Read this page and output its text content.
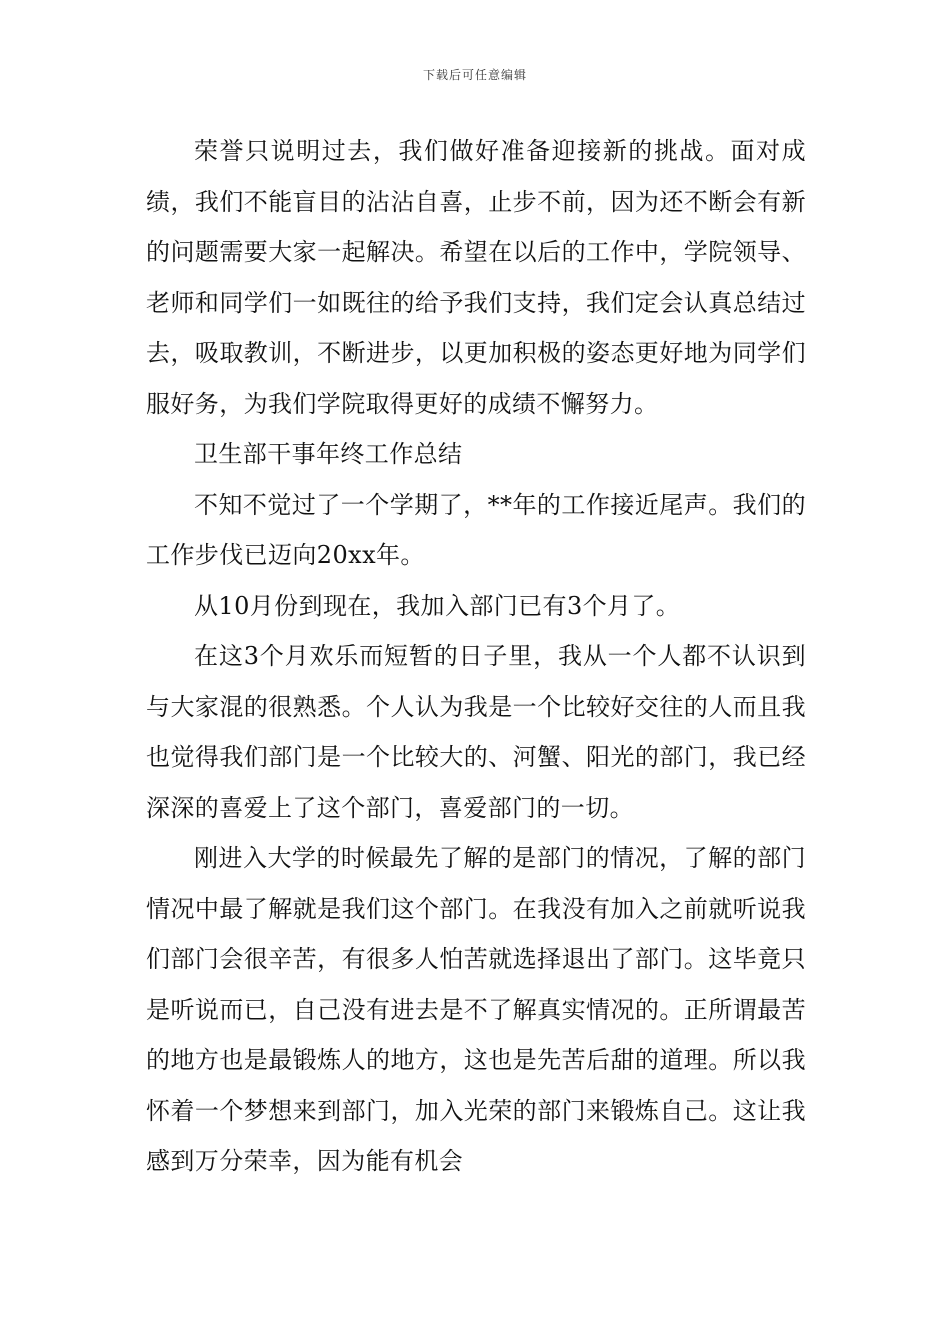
下载后可任意编辑

荣誉只说明过去，我们做好准备迎接新的挑战。面对成绩，我们不能盲目的沾沾自喜，止步不前，因为还不断会有新的问题需要大家一起解决。希望在以后的工作中，学院领导、老师和同学们一如既往的给予我们支持，我们定会认真总结过去，吸取教训，不断进步，以更加积极的姿态更好地为同学们服好务，为我们学院取得更好的成绩不懈努力。

卫生部干事年终工作总结

不知不觉过了一个学期了，**年的工作接近尾声。我们的工作步伐已迈向20xx年。

从10月份到现在，我加入部门已有3个月了。

在这3个月欢乐而短暂的日子里，我从一个人都不认识到与大家混的很熟悉。个人认为我是一个比较好交往的人而且我也觉得我们部门是一个比较大的、河蟹、阳光的部门，我已经深深的喜爱上了这个部门，喜爱部门的一切。

刚进入大学的时候最先了解的是部门的情况，了解的部门情况中最了解就是我们这个部门。在我没有加入之前就听说我们部门会很辛苦，有很多人怕苦就选择退出了部门。这毕竟只是听说而已，自己没有进去是不了解真实情况的。正所谓最苦的地方也是最锻炼人的地方，这也是先苦后甜的道理。所以我怀着一个梦想来到部门，加入光荣的部门来锻炼自己。这让我感到万分荣幸，因为能有机会
